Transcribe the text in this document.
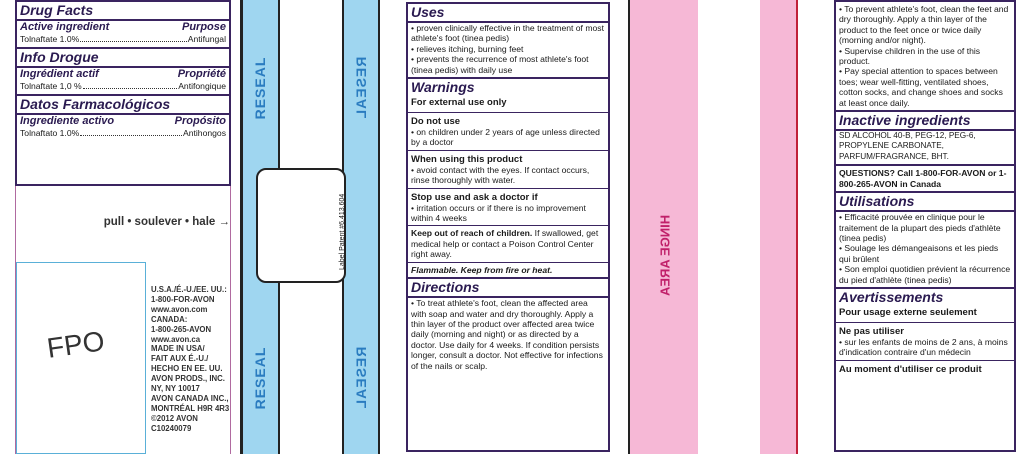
RESEAL
RESEAL
RESEAL
RESEAL
Label Patent #6,413,604
Drug Facts
Active ingredient	Purpose
Tolnaftate 1.0%	Antifungal
Info Drogue
Ingrédient actif	Propriété
Tolnaftate 1,0 %	Antifongique
Datos Farmacológicos
Ingrediente activo	Propósito
Tolnaftato 1.0%	Antihongos
pull • soulever • hale →
FPO
U.S.A./É.-U./EE. UU.:
1-800-FOR-AVON
www.avon.com
CANADA:
1-800-265-AVON
www.avon.ca
MADE IN USA/
FAIT AUX É.-U./
HECHO EN EE. UU.
AVON PRODS., INC.
NY, NY 10017
AVON CANADA INC.,
MONTRÉAL H9R 4R3
©2012 AVON
C10240079
Uses
• proven clinically effective in the treatment of most athlete's foot (tinea pedis)
• relieves itching, burning feet
• prevents the recurrence of most athlete's foot (tinea pedis) with daily use
Warnings
For external use only
Do not use
• on children under 2 years of age unless directed by a doctor
When using this product
• avoid contact with the eyes. If contact occurs, rinse thoroughly with water.
Stop use and ask a doctor if
• irritation occurs or if there is no improvement within 4 weeks
Keep out of reach of children. If swallowed, get medical help or contact a Poison Control Center right away.
Flammable. Keep from fire or heat.
Directions
• To treat athlete's foot, clean the affected area with soap and water and dry thoroughly. Apply a thin layer of the product over affected area twice daily (morning and night) or as directed by a doctor. Use daily for 4 weeks. If condition persists longer, consult a doctor. Not effective for infections of the nails or scalp.
HINGE AREA
• To prevent athlete's foot, clean the feet and dry thoroughly. Apply a thin layer of the product to the feet once or twice daily (morning and/or night).
• Supervise children in the use of this product.
• Pay special attention to spaces between toes; wear well-fitting, ventilated shoes, cotton socks, and change shoes and socks at least once daily.
Inactive ingredients
SD ALCOHOL 40-B, PEG-12, PEG-6, PROPYLENE CARBONATE, PARFUM/FRAGRANCE, BHT.
QUESTIONS? Call 1-800-FOR-AVON or 1-800-265-AVON in Canada
Utilisations
• Efficacité prouvée en clinique pour le traitement de la plupart des pieds d'athlète (tinea pedis)
• Soulage les démangeaisons et les pieds qui brûlent
• Son emploi quotidien prévient la récurrence du pied d'athlète (tinea pedis)
Avertissements
Pour usage externe seulement
Ne pas utiliser
• sur les enfants de moins de 2 ans, à moins d'indication contraire d'un médecin
Au moment d'utiliser ce produit
